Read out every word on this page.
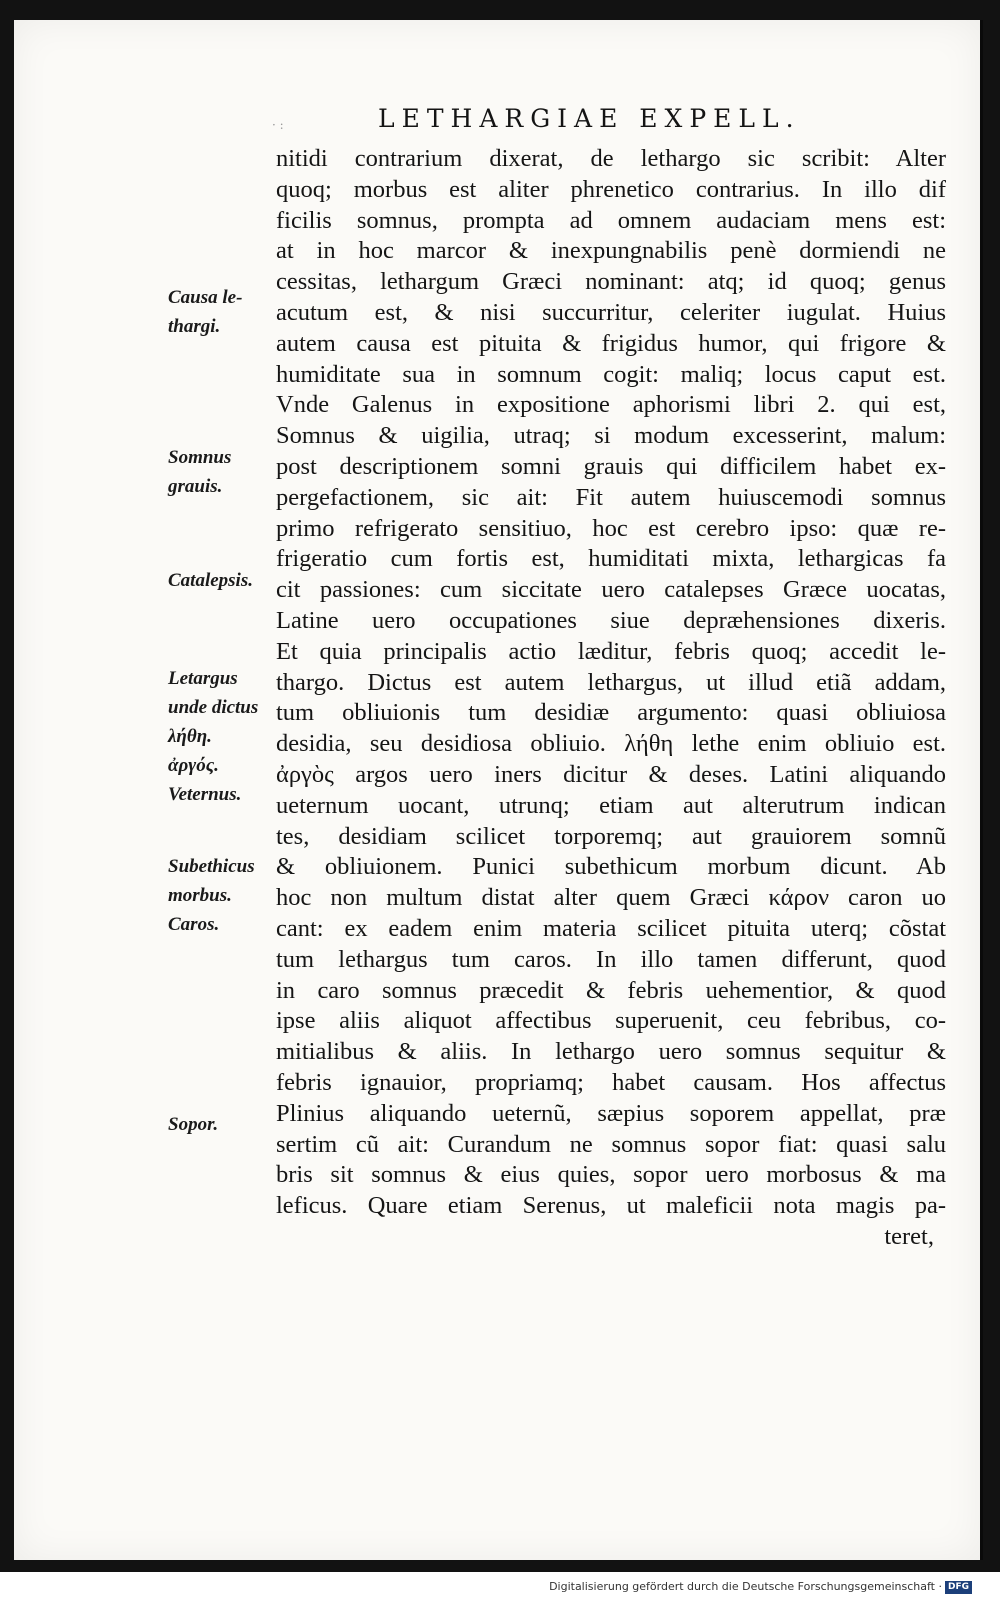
· :	LETHARGIAE EXPELL.
Causa le-
thargi.
Somnus
grauis.
Catalepsis.
Letargus
unde dictus
λήθη.
ἀργός.
Veternus.
Subethicus
morbus.
Caros.
Sopor.
nitidi contrarium dixerat, de lethargo sic scribit: Alter
quoq; morbus est aliter phrenetico contrarius. In illo dif
ficilis somnus, prompta ad omnem audaciam mens est:
at in hoc marcor & inexpungnabilis penè dormiendi ne
cessitas, lethargum Græci nominant: atq; id quoq; genus
acutum est, & nisi succurritur, celeriter iugulat. Huius
autem causa est pituita & frigidus humor, qui frigore &
humiditate sua in somnum cogit: maliq; locus caput est.
Vnde Galenus in expositione aphorismi libri 2. qui est,
Somnus & uigilia, utraq; si modum excesserint, malum:
post descriptionem somni grauis qui difficilem habet ex-
pergefactionem, sic ait: Fit autem huiuscemodi somnus
primo refrigerato sensitiuo, hoc est cerebro ipso: quæ re-
frigeratio cum fortis est, humiditati mixta, lethargicas fa
cit passiones: cum siccitate uero catalepses Græce uocatas,
Latine uero occupationes siue depræhensiones dixeris.
Et quia principalis actio læditur, febris quoq; accedit le-
thargo. Dictus est autem lethargus, ut illud etiã addam,
tum obliuionis tum desidiæ argumento: quasi obliuiosa
desidia, seu desidiosa obliuio. λήθη lethe enim obliuio est.
ἀργὸς argos uero iners dicitur & deses. Latini aliquando
ueternum uocant, utrunq; etiam aut alterutrum indican
tes, desidiam scilicet torporemq; aut grauiorem somnũ
& obliuionem. Punici subethicum morbum dicunt. Ab
hoc non multum distat alter quem Græci κάρον caron uo
cant: ex eadem enim materia scilicet pituita uterq; cõstat
tum lethargus tum caros. In illo tamen differunt, quod
in caro somnus præcedit & febris uehementior, & quod
ipse aliis aliquot affectibus superuenit, ceu febribus, co-
mitialibus & aliis. In lethargo uero somnus sequitur &
febris ignauior, propriamq; habet causam. Hos affectus
Plinius aliquando ueternũ, sæpius soporem appellat, præ
sertim cũ ait: Curandum ne somnus sopor fiat: quasi salu
bris sit somnus & eius quies, sopor uero morbosus & ma
leficus. Quare etiam Serenus, ut maleficii nota magis pa-
teret,
Digitalisierung gefördert durch die Deutsche Forschungsgemeinschaft · DFG
